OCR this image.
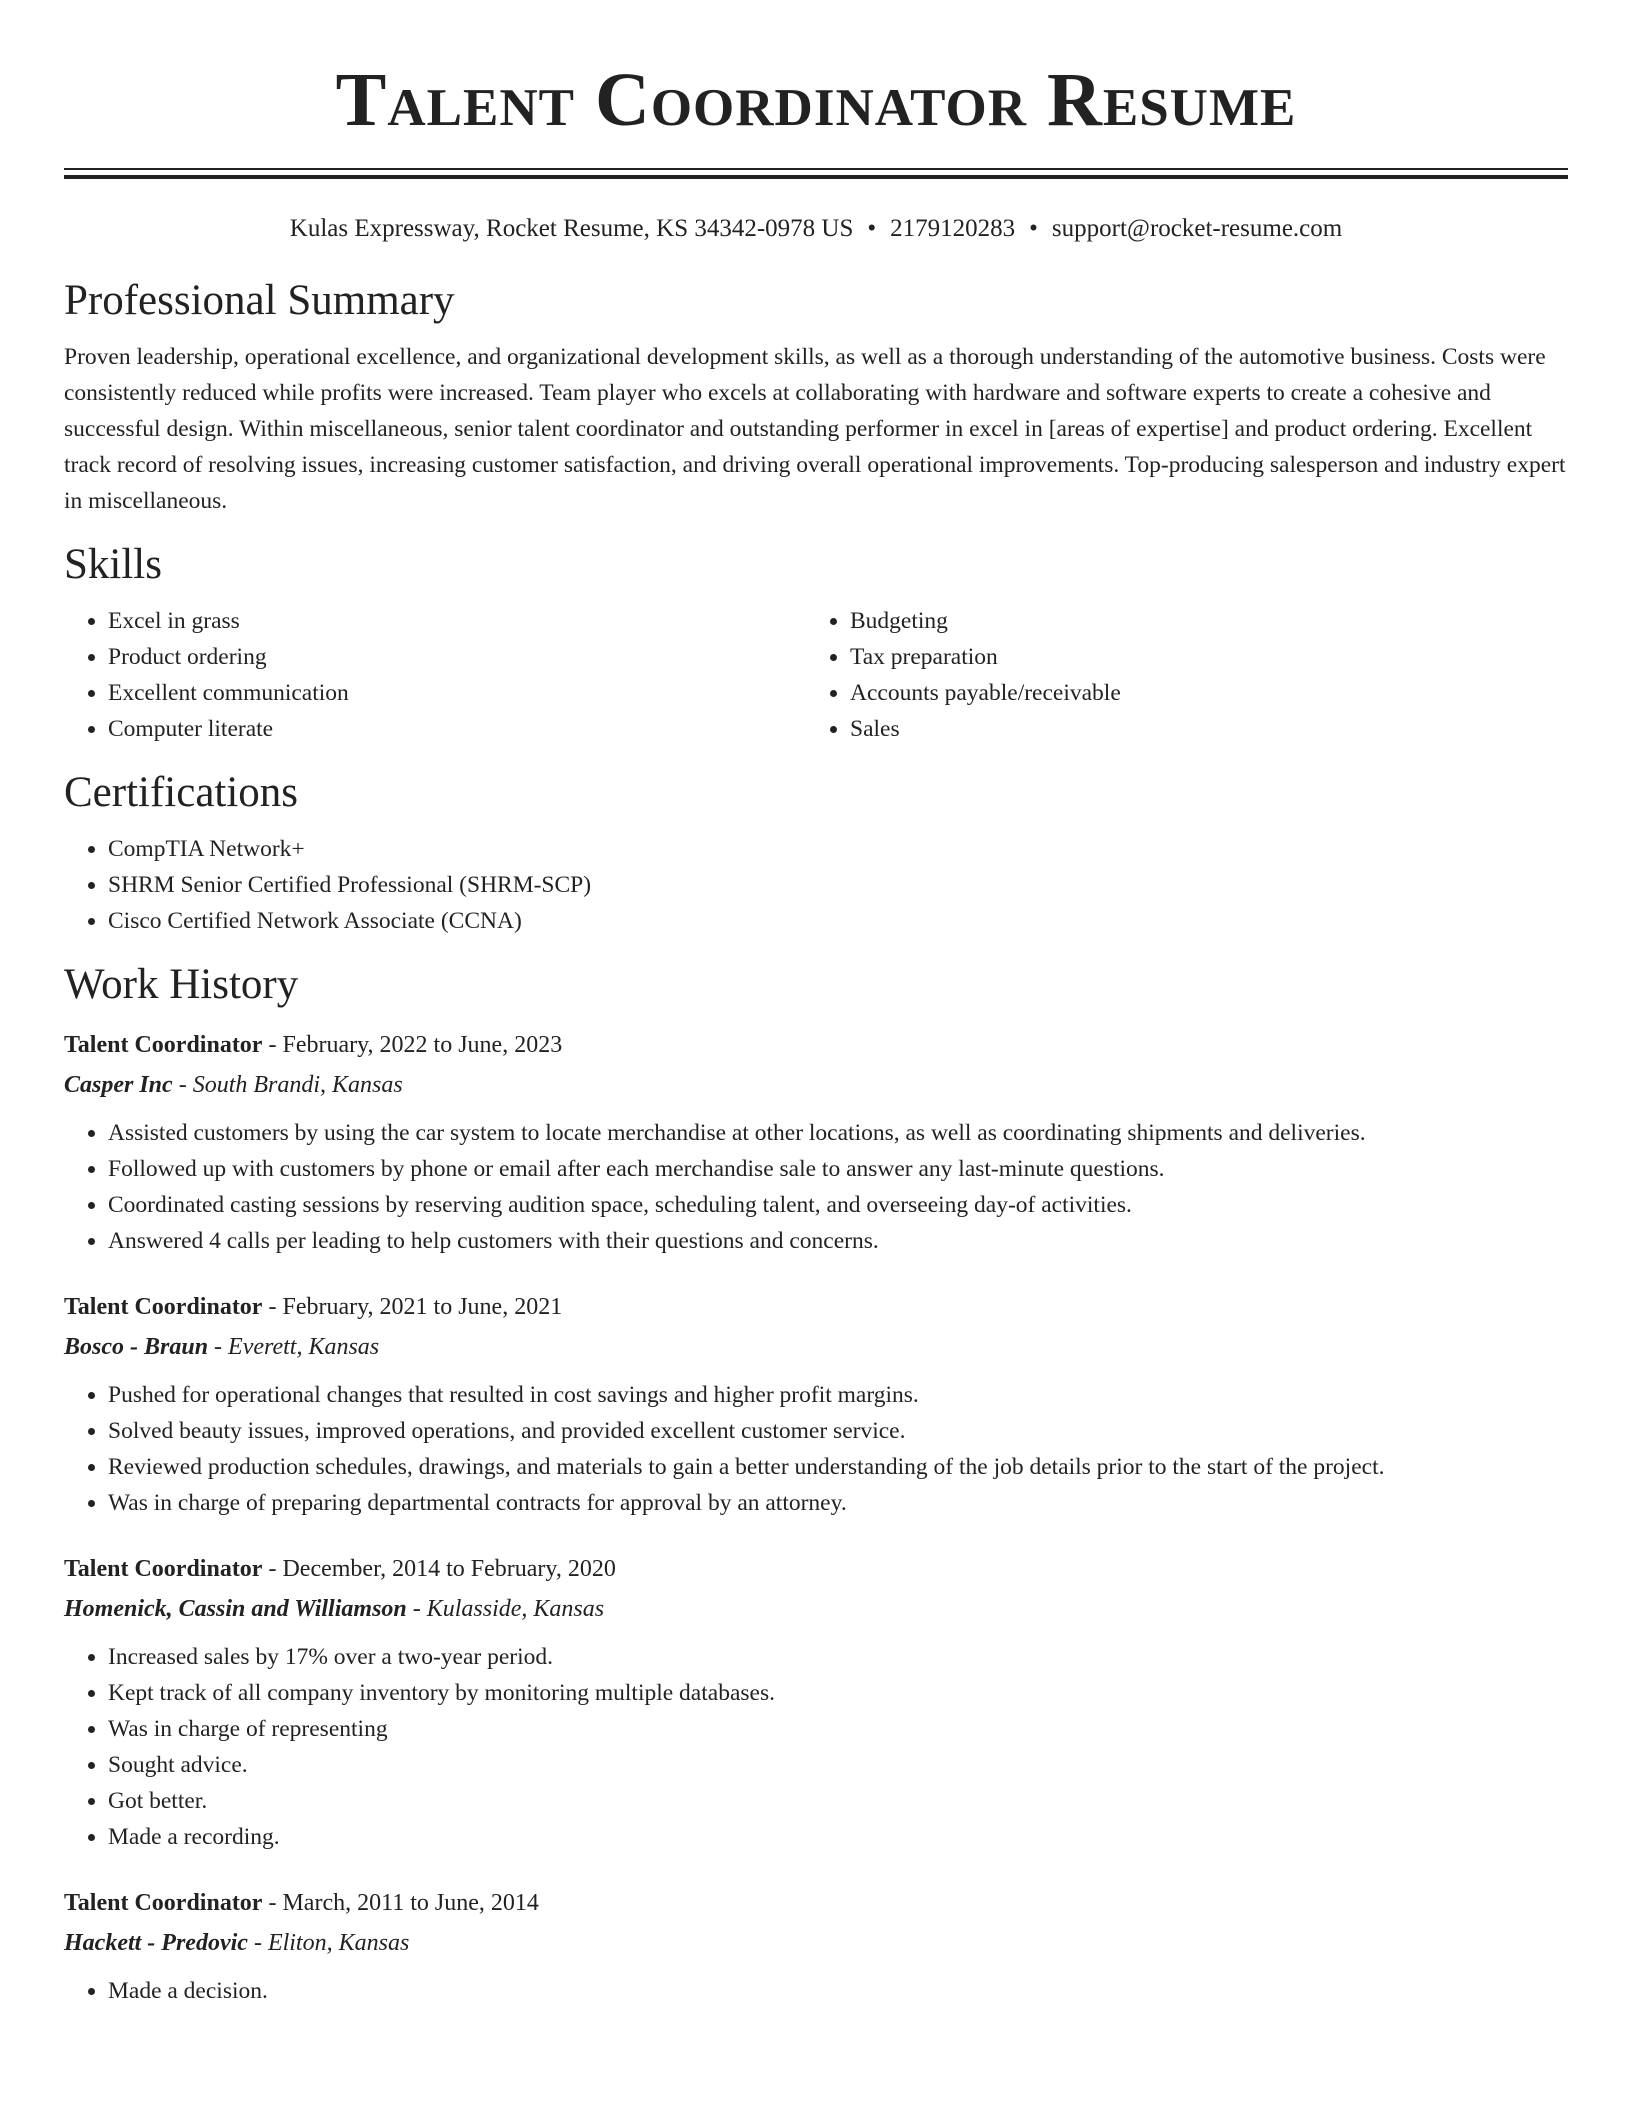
Talent Coordinator Resume
Kulas Expressway, Rocket Resume, KS 34342-0978 US • 2179120283 • support@rocket-resume.com
Professional Summary

Proven leadership, operational excellence, and organizational development skills, as well as a thorough understanding of the automotive business. Costs were consistently reduced while profits were increased. Team player who excels at collaborating with hardware and software experts to create a cohesive and successful design. Within miscellaneous, senior talent coordinator and outstanding performer in excel in [areas of expertise] and product ordering. Excellent track record of resolving issues, increasing customer satisfaction, and driving overall operational improvements. Top-producing salesperson and industry expert in miscellaneous.

Skills
• Excel in grass
• Product ordering
• Excellent communication
• Computer literate
• Budgeting
• Tax preparation
• Accounts payable/receivable
• Sales
Certifications
• CompTIA Network+
• SHRM Senior Certified Professional (SHRM-SCP)
• Cisco Certified Network Associate (CCNA)
Work History
Talent Coordinator - February, 2022 to June, 2023
Casper Inc - South Brandi, Kansas
• Assisted customers by using the car system to locate merchandise at other locations, as well as coordinating shipments and deliveries.
• Followed up with customers by phone or email after each merchandise sale to answer any last-minute questions.
• Coordinated casting sessions by reserving audition space, scheduling talent, and overseeing day-of activities.
• Answered 4 calls per leading to help customers with their questions and concerns.
Talent Coordinator - February, 2021 to June, 2021
Bosco - Braun - Everett, Kansas
• Pushed for operational changes that resulted in cost savings and higher profit margins.
• Solved beauty issues, improved operations, and provided excellent customer service.
• Reviewed production schedules, drawings, and materials to gain a better understanding of the job details prior to the start of the project.
• Was in charge of preparing departmental contracts for approval by an attorney.
Talent Coordinator - December, 2014 to February, 2020
Homenick, Cassin and Williamson - Kulasside, Kansas
• Increased sales by 17% over a two-year period.
• Kept track of all company inventory by monitoring multiple databases.
• Was in charge of representing
• Sought advice.
• Got better.
• Made a recording.
Talent Coordinator - March, 2011 to June, 2014
Hackett - Predovic - Eliton, Kansas
• Made a decision.
